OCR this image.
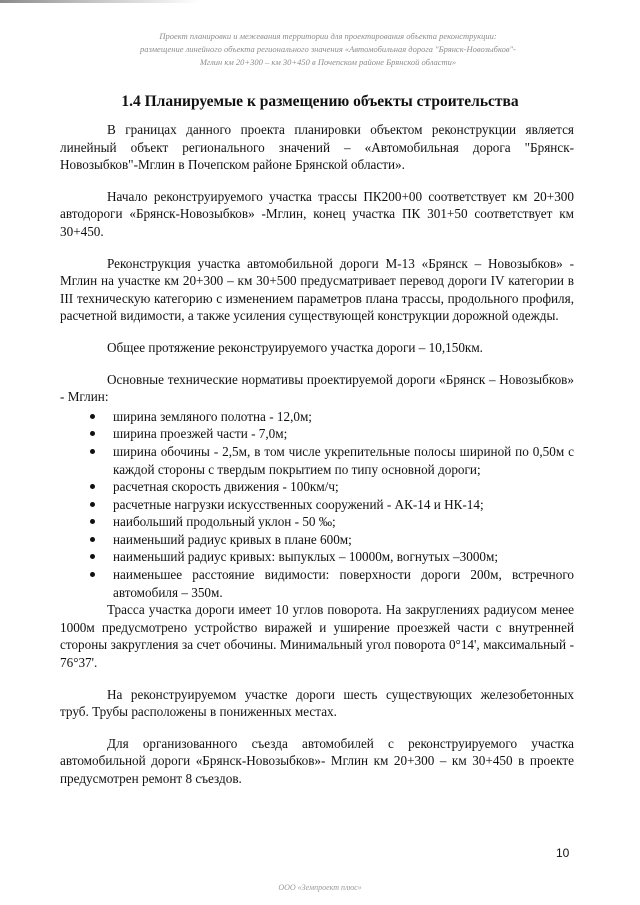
Проект планировки и межевания территории для проектирования объекта реконструкции:
размещение линейного объекта регионального значения «Автомобильная дорога "Брянск-Новозыбков"-
Мглин км 20+300 – км 30+450 в Почепском районе Брянской области»
1.4 Планируемые к размещению объекты строительства

В границах данного проекта планировки объектом реконструкции является линейный объект регионального значений – «Автомобильная дорога "Брянск-Новозыбков"-Мглин в Почепском районе Брянской области».

Начало реконструируемого участка трассы ПК200+00 соответствует км 20+300 автодороги «Брянск-Новозыбков» -Мглин, конец участка ПК 301+50 соответствует км 30+450.

Реконструкция участка автомобильной дороги М-13 «Брянск – Новозыбков» - Мглин на участке км 20+300 – км 30+500 предусматривает перевод дороги IV категории в III техническую категорию с изменением параметров плана трассы, продольного профиля, расчетной видимости, а также усиления существующей конструкции дорожной одежды.

Общее протяжение реконструируемого участка дороги – 10,150км.

Основные технические нормативы проектируемой дороги «Брянск – Новозыбков» - Мглин:

ширина земляного полотна - 12,0м;
ширина проезжей части - 7,0м;
ширина обочины - 2,5м, в том числе укрепительные полосы шириной по 0,50м с каждой стороны с твердым покрытием по типу основной дороги;
расчетная скорость движения - 100км/ч;
расчетные нагрузки искусственных сооружений - АК-14 и НК-14;
наибольший продольный уклон - 50 ‰;
наименьший радиус кривых в плане 600м;
наименьший радиус кривых: выпуклых – 10000м, вогнутых –3000м;
наименьшее расстояние видимости: поверхности дороги 200м, встречного автомобиля – 350м.

Трасса участка дороги имеет 10 углов поворота. На закруглениях радиусом менее 1000м предусмотрено устройство виражей и уширение проезжей части с внутренней стороны закругления за счет обочины. Минимальный угол поворота 0°14', максимальный - 76°37'.

На реконструируемом участке дороги шесть существующих железобетонных труб. Трубы расположены в пониженных местах.

Для организованного съезда автомобилей с реконструируемого участка автомобильной дороги «Брянск-Новозыбков»- Мглин км 20+300 – км 30+450 в проекте предусмотрен ремонт 8 съездов.

10
ООО «Земпроект плюс»
